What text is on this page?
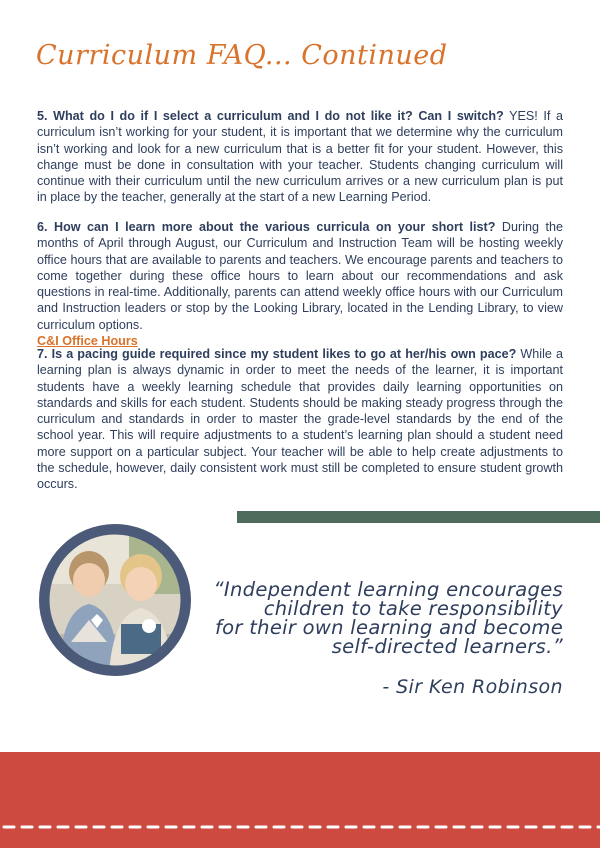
Curriculum FAQ... Continued
5. What do I do if I select a curriculum and I do not like it? Can I switch? YES! If a curriculum isn’t working for your student, it is important that we determine why the curriculum isn’t working and look for a new curriculum that is a better fit for your student. However, this change must be done in consultation with your teacher. Students changing curriculum will continue with their curriculum until the new curriculum arrives or a new curriculum plan is put in place by the teacher, generally at the start of a new Learning Period.
6. How can I learn more about the various curricula on your short list? During the months of April through August, our Curriculum and Instruction Team will be hosting weekly office hours that are available to parents and teachers. We encourage parents and teachers to come together during these office hours to learn about our recommendations and ask questions in real-time. Additionally, parents can attend weekly office hours with our Curriculum and Instruction leaders or stop by the Looking Library, located in the Lending Library, to view curriculum options.
C&I Office Hours
7. Is a pacing guide required since my student likes to go at her/his own pace? While a learning plan is always dynamic in order to meet the needs of the learner, it is important students have a weekly learning schedule that provides daily learning opportunities on standards and skills for each student. Students should be making steady progress through the curriculum and standards in order to master the grade-level standards by the end of the school year. This will require adjustments to a student’s learning plan should a student need more support on a particular subject. Your teacher will be able to help create adjustments to the schedule, however, daily consistent work must still be completed to ensure student growth occurs.
“Independent learning encourages
children to take responsibility
for their own learning and become
self-directed learners.”
- Sir Ken Robinson
